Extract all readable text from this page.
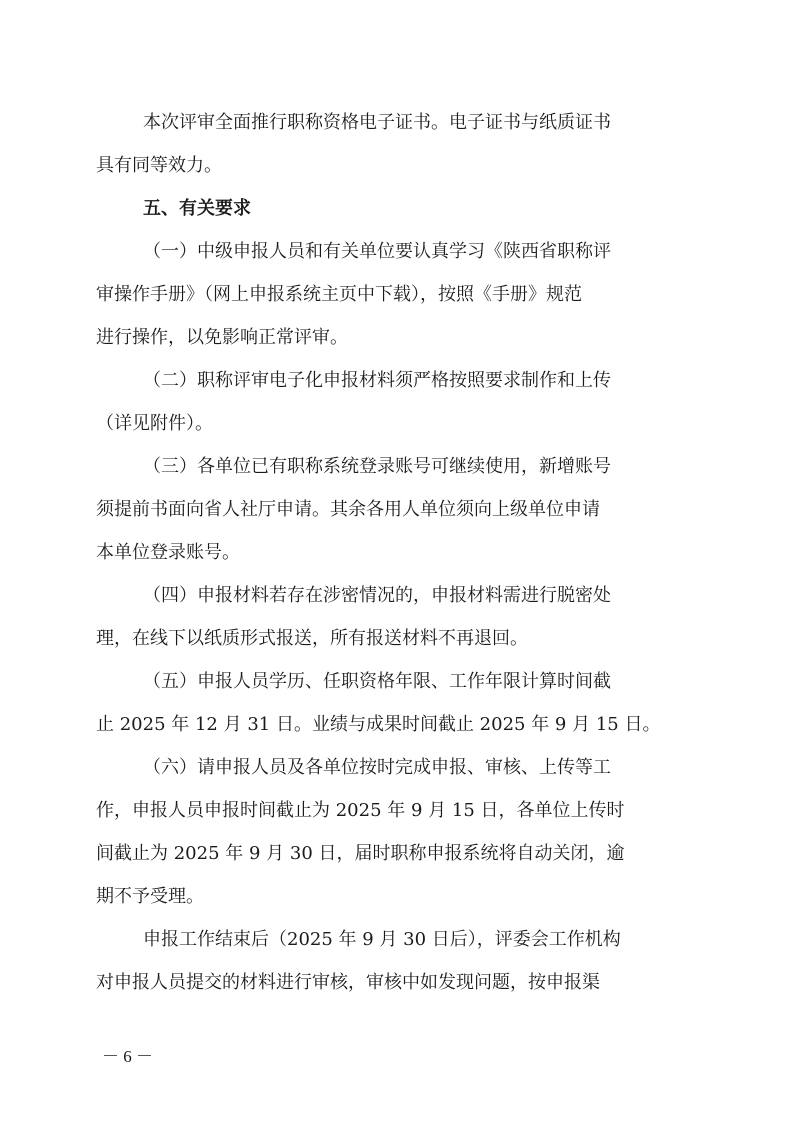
本次评审全面推行职称资格电子证书。电子证书与纸质证书

具有同等效力。

五、有关要求

（一）中级申报人员和有关单位要认真学习《陕西省职称评

审操作手册》（网上申报系统主页中下载），按照《手册》规范

进行操作，以免影响正常评审。

（二）职称评审电子化申报材料须严格按照要求制作和上传

（详见附件）。

（三）各单位已有职称系统登录账号可继续使用，新增账号

须提前书面向省人社厅申请。其余各用人单位须向上级单位申请

本单位登录账号。

（四）申报材料若存在涉密情况的，申报材料需进行脱密处

理，在线下以纸质形式报送，所有报送材料不再退回。

（五）申报人员学历、任职资格年限、工作年限计算时间截

止 2025 年 12 月 31 日。业绩与成果时间截止 2025 年 9 月 15 日。

（六）请申报人员及各单位按时完成申报、审核、上传等工

作，申报人员申报时间截止为 2025 年 9 月 15 日，各单位上传时

间截止为 2025 年 9 月 30 日，届时职称申报系统将自动关闭，逾

期不予受理。

申报工作结束后（2025 年 9 月 30 日后），评委会工作机构

对申报人员提交的材料进行审核，审核中如发现问题，按申报渠

－ 6 －
